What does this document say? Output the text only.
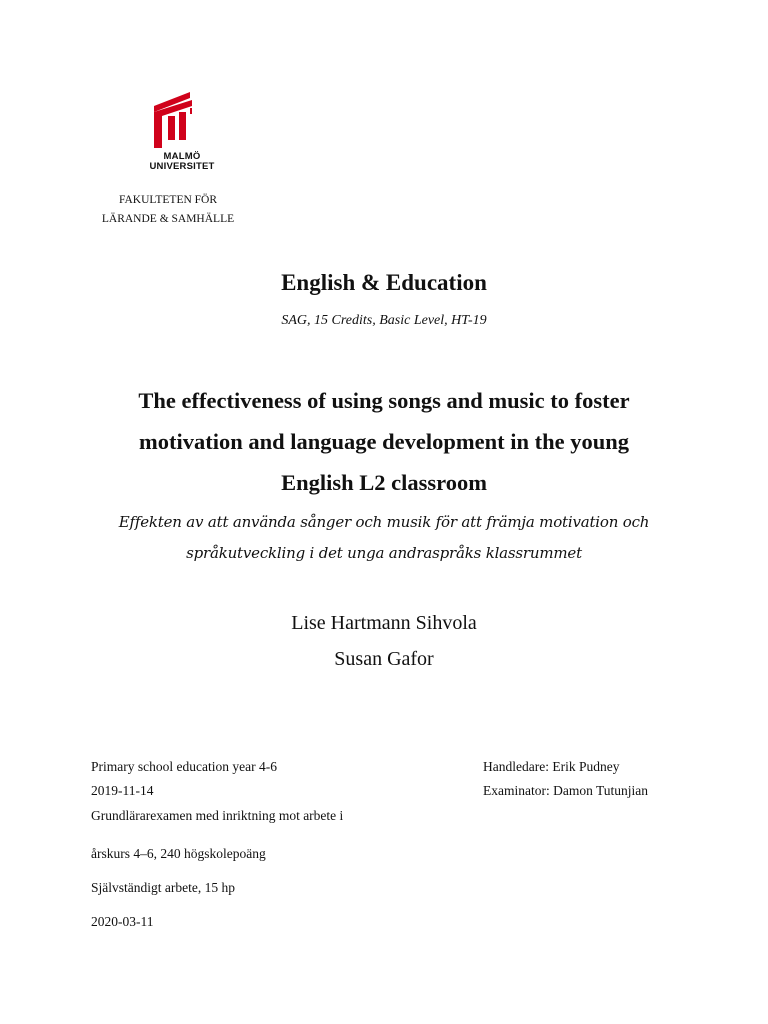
MALMÖ
UNIVERSITET
FAKULTETEN FÖR
LÄRANDE & SAMHÄLLE
English & Education
SAG, 15 Credits, Basic Level, HT-19
The effectiveness of using songs and music to foster
motivation and language development in the young
English L2 classroom
Effekten av att använda sånger och musik för att främja motivation och
språkutveckling i det unga andraspråks klassrummet
Lise Hartmann Sihvola
Susan Gafor
Primary school education year 4-6
2019-11-14
Grundlärarexamen med inriktning mot arbete i
årskurs 4–6, 240 högskolepoäng
Självständigt arbete, 15 hp
2020-03-11
Handledare: Erik Pudney
Examinator: Damon Tutunjian
